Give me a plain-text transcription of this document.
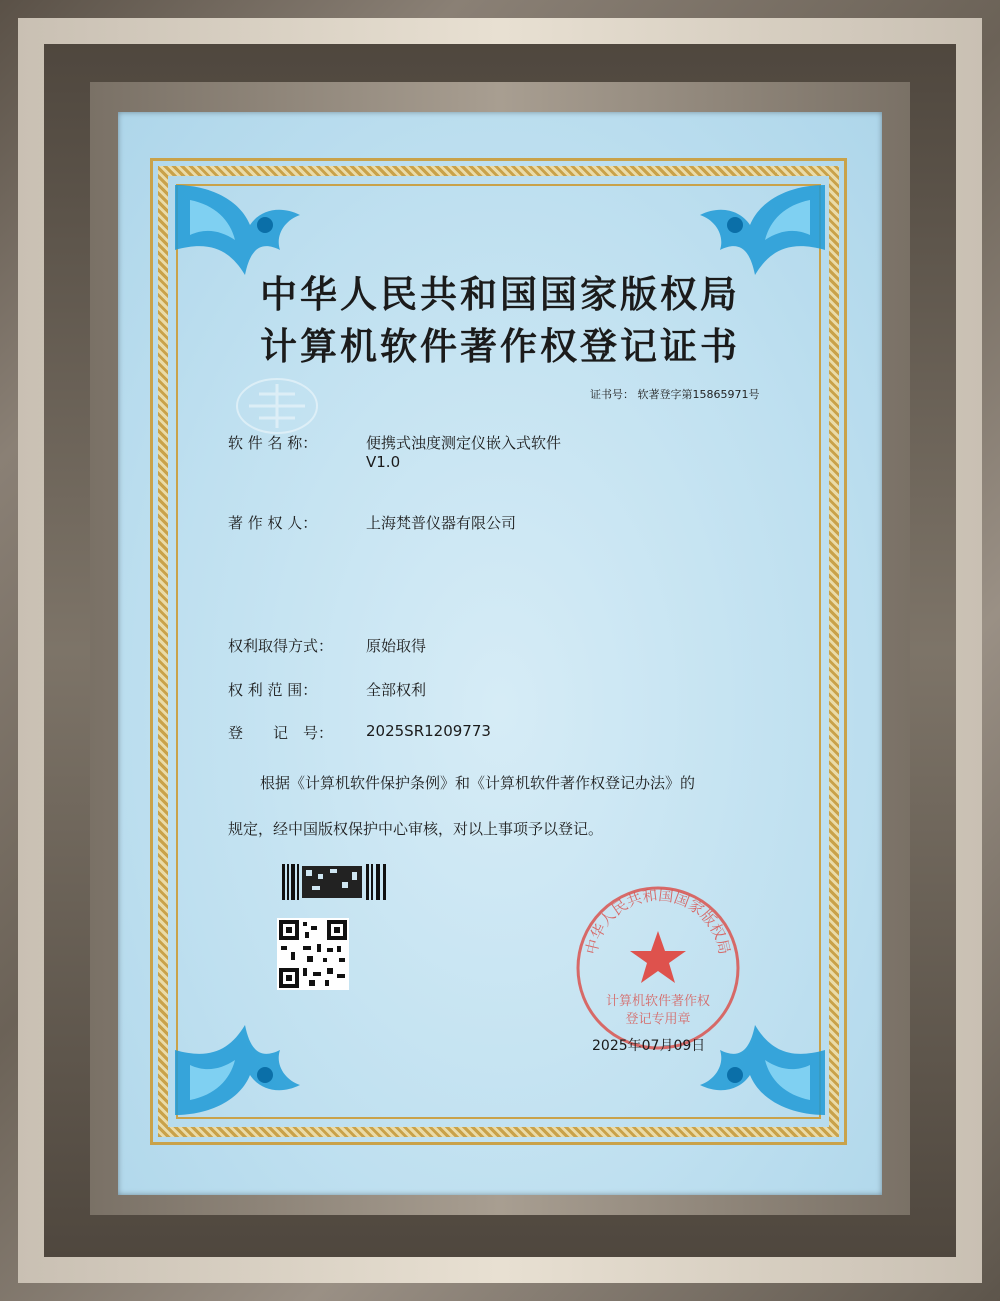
中华人民共和国国家版权局
计算机软件著作权登记证书
证书号： 软著登字第15865971号
软 件 名 称：	便携式浊度测定仪嵌入式软件
V1.0
著 作 权 人：	上海梵普仪器有限公司
权利取得方式： 原始取得
权 利 范 围：	全部权利
登　　记　号： 2025SR1209773
根据《计算机软件保护条例》和《计算机软件著作权登记办法》的
规定，经中国版权保护中心审核，对以上事项予以登记。
中华人民共和国国家版权局
计算机软件著作权
登记专用章
2025年07月09日
